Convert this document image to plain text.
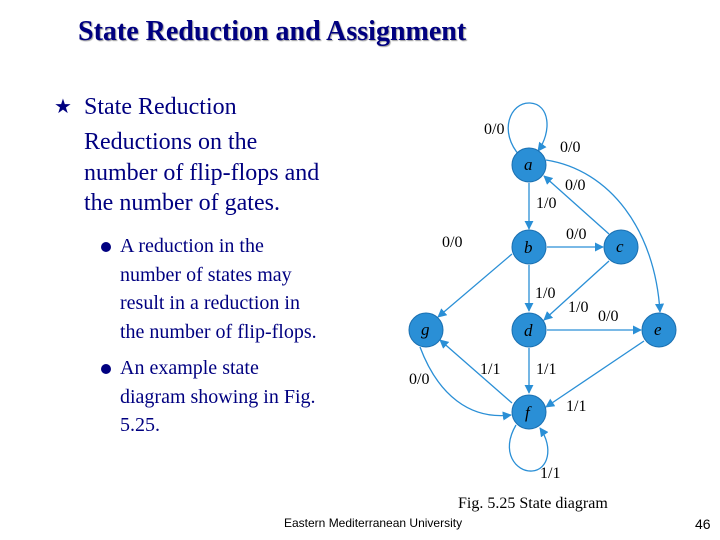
State Reduction and Assignment
★ State Reduction
Reductions on the
number of flip-flops and
the number of gates.
A reduction in the
number of states may
result in a reduction in
the number of flip-flops.
An example state
diagram showing in Fig.
5.25.
0/0
1/0
0/0
0/0
0/0
0/0
1/0
1/0
0/0
1/1
1/1
1/1
0/0
1/1
a
b	c
d	e
f
g
Fig. 5.25 State diagram
Eastern Mediterranean University	46
